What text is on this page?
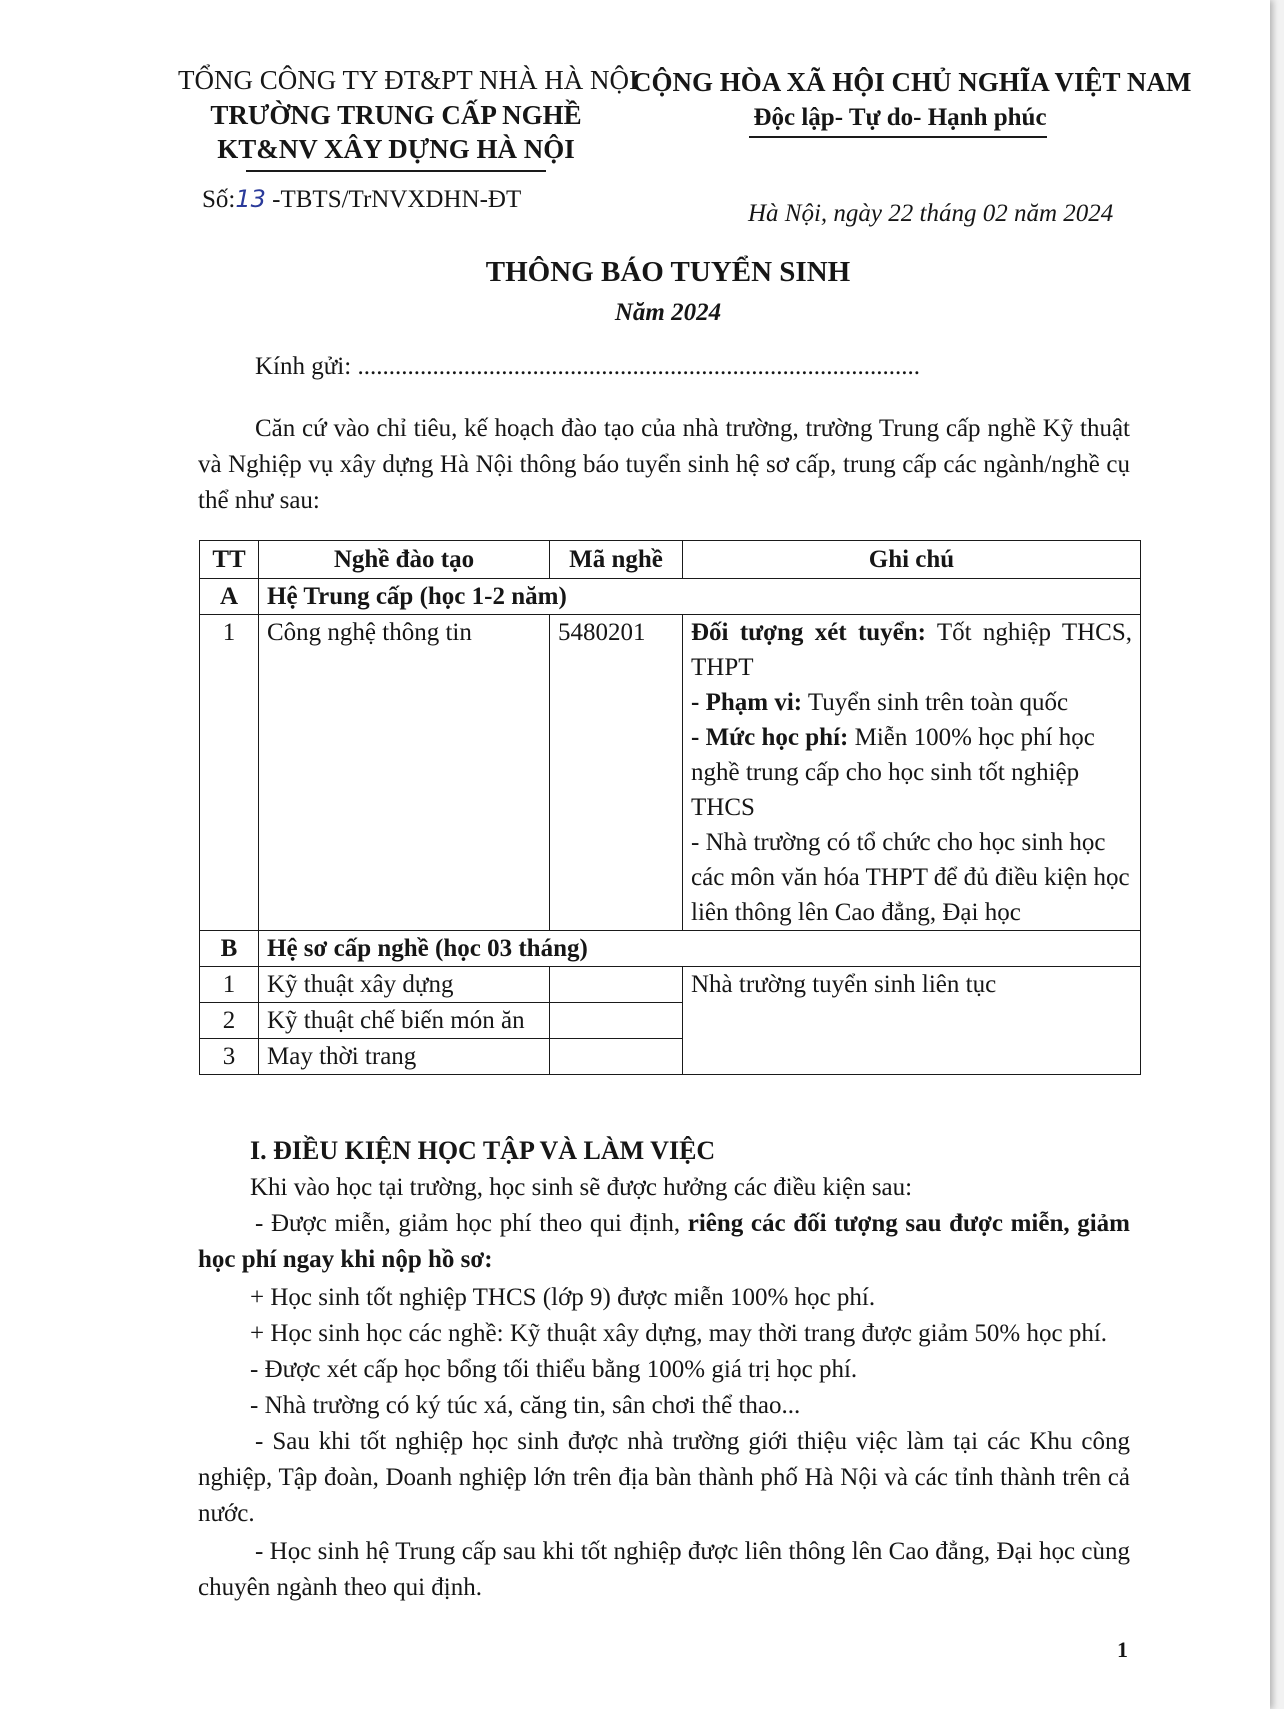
TỔNG CÔNG TY ĐT&PT NHÀ HÀ NỘI
TRƯỜNG TRUNG CẤP NGHỀ
KT&NV XÂY DỰNG HÀ NỘI
Số:13 -TBTS/TrNVXDHN-ĐT
CỘNG HÒA XÃ HỘI CHỦ NGHĨA VIỆT NAM
Độc lập- Tự do- Hạnh phúc
Hà Nội, ngày 22 tháng 02 năm 2024
THÔNG BÁO TUYỂN SINH
Năm 2024
Kính gửi: ..........................................................................................

Căn cứ vào chỉ tiêu, kế hoạch đào tạo của nhà trường, trường Trung cấp nghề Kỹ thuật và Nghiệp vụ xây dựng Hà Nội thông báo tuyển sinh hệ sơ cấp, trung cấp các ngành/nghề cụ thể như sau:

TT	Nghề đào tạo	Mã nghề	Ghi chú
A	Hệ Trung cấp (học 1-2 năm)		
1	Công nghệ thông tin	5480201	Đối tượng xét tuyển: Tốt nghiệp THCS, THPT
- Phạm vi: Tuyển sinh trên toàn quốc
- Mức học phí: Miễn 100% học phí học nghề trung cấp cho học sinh tốt nghiệp THCS
- Nhà trường có tổ chức cho học sinh học các môn văn hóa THPT để đủ điều kiện học liên thông lên Cao đẳng, Đại học

B	Hệ sơ cấp nghề (học 03 tháng)		
1	Kỹ thuật xây dựng		Nhà trường tuyển sinh liên tục
2	Kỹ thuật chế biến món ăn		
3	May thời trang		
I. ĐIỀU KIỆN HỌC TẬP VÀ LÀM VIỆC
Khi vào học tại trường, học sinh sẽ được hưởng các điều kiện sau:

- Được miễn, giảm học phí theo qui định, riêng các đối tượng sau được miễn, giảm học phí ngay khi nộp hồ sơ:

+ Học sinh tốt nghiệp THCS (lớp 9) được miễn 100% học phí.
+ Học sinh học các nghề: Kỹ thuật xây dựng, may thời trang được giảm 50% học phí.
- Được xét cấp học bổng tối thiểu bằng 100% giá trị học phí.
- Nhà trường có ký túc xá, căng tin, sân chơi thể thao...

- Sau khi tốt nghiệp học sinh được nhà trường giới thiệu việc làm tại các Khu công nghiệp, Tập đoàn, Doanh nghiệp lớn trên địa bàn thành phố Hà Nội và các tỉnh thành trên cả nước.

- Học sinh hệ Trung cấp sau khi tốt nghiệp được liên thông lên Cao đẳng, Đại học cùng chuyên ngành theo qui định.

1
